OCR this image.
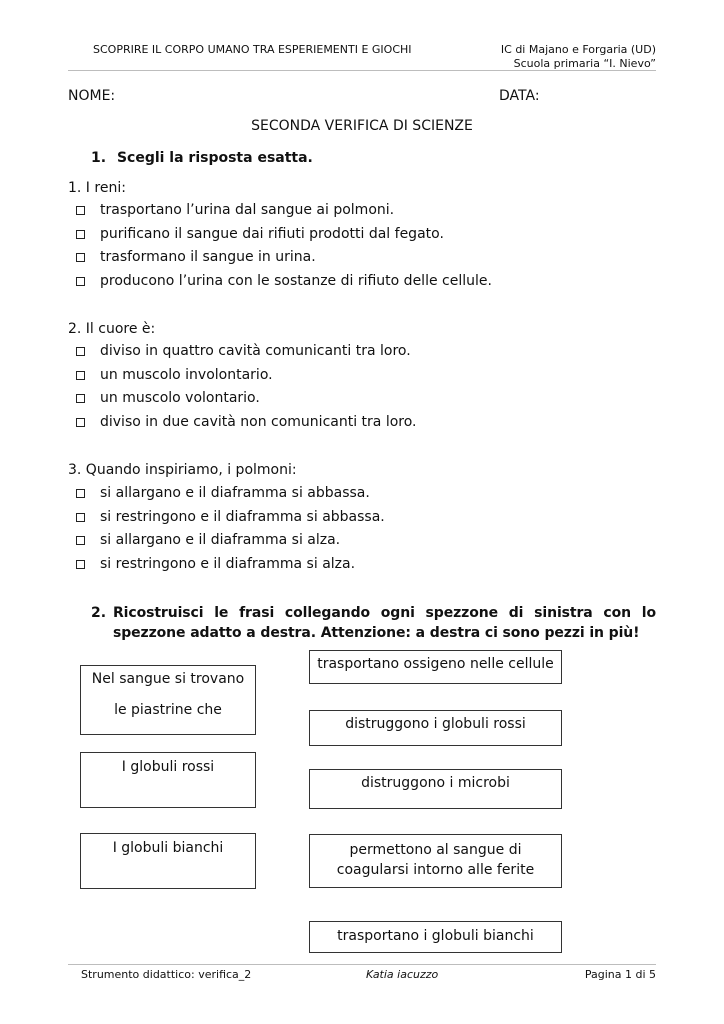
SCOPRIRE IL CORPO UMANO TRA ESPERIEMENTI E GIOCHI	IC di Majano e Forgaria (UD)
Scuola primaria “I. Nievo”
NOME:	DATA:
SECONDA VERIFICA DI SCIENZE
1. Scegli la risposta esatta.
1. I reni:
trasportano l’urina dal sangue ai polmoni.
purificano il sangue dai rifiuti prodotti dal fegato.
trasformano il sangue in urina.
producono l’urina con le sostanze di rifiuto delle cellule.
2. Il cuore è:
diviso in quattro cavità comunicanti tra loro.
un muscolo involontario.
un muscolo volontario.
diviso in due cavità non comunicanti tra loro.
3. Quando inspiriamo, i polmoni:
si allargano e il diaframma si abbassa.
si restringono e il diaframma si abbassa.
si allargano e il diaframma si alza.
si restringono e il diaframma si alza.
2. Ricostruisci le frasi collegando ogni spezzone di sinistra con lo
spezzone adatto a destra. Attenzione: a destra ci sono pezzi in più!
Nel sangue si trovano
le piastrine che
I globuli rossi
I globuli bianchi
trasportano ossigeno nelle cellule
distruggono i globuli rossi
distruggono i microbi
permettono al sangue di
coagularsi intorno alle ferite
trasportano i globuli bianchi
Strumento didattico: verifica_2	Katia iacuzzo	Pagina 1 di 5
